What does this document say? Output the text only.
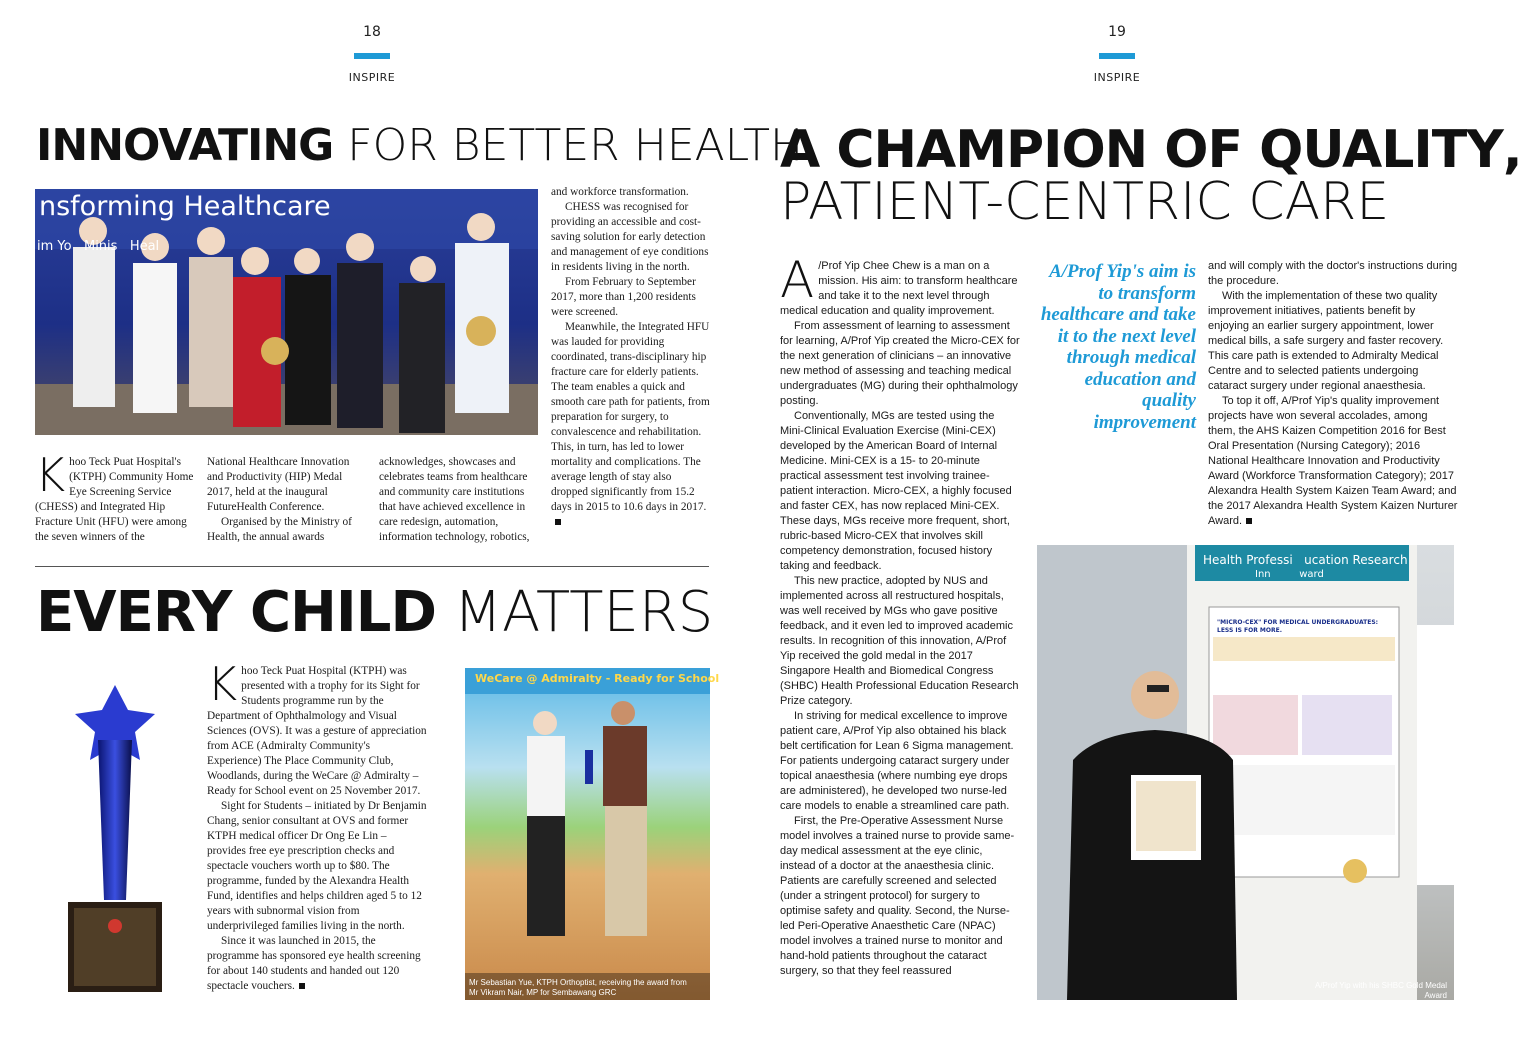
18
INSPIRE
INNOVATING FOR BETTER HEALTH
nsforming Healthcare
im Yo   Minis   Heal

Khoo Teck Puat Hospital's (KTPH) Community Home Eye Screening Service (CHESS) and Integrated Hip Fracture Unit (HFU) were among the seven winners of the

National Healthcare Innovation and Productivity (HIP) Medal 2017, held at the inaugural FutureHealth Conference.

Organised by the Ministry of Health, the annual awards

acknowledges, showcases and celebrates teams from healthcare and community care institutions that have achieved excellence in care redesign, automation, information technology, robotics,

and workforce transformation.

CHESS was recognised for providing an accessible and cost-saving solution for early detection and management of eye conditions in residents living in the north.

From February to September 2017, more than 1,200 residents were screened.

Meanwhile, the Integrated HFU was lauded for providing coordinated, trans-disciplinary hip fracture care for elderly patients. The team enables a quick and smooth care path for patients, from preparation for surgery, to convalescence and rehabilitation. This, in turn, has led to lower mortality and complications. The average length of stay also dropped significantly from 15.2 days in 2015 to 10.6 days in 2017.

EVERY CHILD MATTERS

Khoo Teck Puat Hospital (KTPH) was presented with a trophy for its Sight for Students programme run by the Department of Ophthalmology and Visual Sciences (OVS). It was a gesture of appreciation from ACE (Admiralty Community's Experience) The Place Community Club, Woodlands, during the WeCare @ Admiralty – Ready for School event on 25 November 2017.

Sight for Students – initiated by Dr Benjamin Chang, senior consultant at OVS and former KTPH medical officer Dr Ong Ee Lin – provides free eye prescription checks and spectacle vouchers worth up to $80. The programme, funded by the Alexandra Health Fund, identifies and helps children aged 5 to 12 years with subnormal vision from underprivileged families living in the north.

Since it was launched in 2015, the programme has sponsored eye health screening for about 140 students and handed out 120 spectacle vouchers.

WeCare @ Admiralty - Ready for School
Mr Sebastian Yue, KTPH Orthoptist, receiving the award from Mr Vikram Nair, MP for Sembawang GRC
19
INSPIRE
A CHAMPION OF QUALITY,
PATIENT-CENTRIC CARE

A /Prof Yip Chee Chew is a man on a mission. His aim: to transform healthcare and take it to the next level through medical education and quality improvement.

From assessment of learning to assessment for learning, A/Prof Yip created the Micro-CEX for the next generation of clinicians – an innovative new method of assessing and teaching medical undergraduates (MG) during their ophthalmology posting.

Conventionally, MGs are tested using the Mini-Clinical Evaluation Exercise (Mini-CEX) developed by the American Board of Internal Medicine. Mini-CEX is a 15- to 20-minute practical assessment test involving trainee-patient interaction. Micro-CEX, a highly focused and faster CEX, has now replaced Mini-CEX. These days, MGs receive more frequent, short, rubric-based Micro-CEX that involves skill competency demonstration, focused history taking and feedback.

This new practice, adopted by NUS and implemented across all restructured hospitals, was well received by MGs who gave positive feedback, and it even led to improved academic results. In recognition of this innovation, A/Prof Yip received the gold medal in the 2017 Singapore Health and Biomedical Congress (SHBC) Health Professional Education Research Prize category.

In striving for medical excellence to improve patient care, A/Prof Yip also obtained his black belt certification for Lean 6 Sigma management. For patients undergoing cataract surgery under topical anaesthesia (where numbing eye drops are administered), he developed two nurse-led care models to enable a streamlined care path.

First, the Pre-Operative Assessment Nurse model involves a trained nurse to provide same-day medical assessment at the eye clinic, instead of a doctor at the anaesthesia clinic. Patients are carefully screened and selected (under a stringent protocol) for surgery to optimise safety and quality. Second, the Nurse-led Peri-Operative Anaesthetic Care (NPAC) model involves a trained nurse to monitor and hand-hold patients throughout the cataract surgery, so that they feel reassured

A/Prof Yip's aim is to transform healthcare and take it to the next level through medical education and quality improvement

and will comply with the doctor's instructions during the procedure.

With the implementation of these two quality improvement initiatives, patients benefit by enjoying an earlier surgery appointment, lower medical bills, a safe surgery and faster recovery. This care path is extended to Admiralty Medical Centre and to selected patients undergoing cataract surgery under regional anaesthesia.

To top it off, A/Prof Yip's quality improvement projects have won several accolades, among them, the AHS Kaizen Competition 2016 for Best Oral Presentation (Nursing Category); 2016 National Healthcare Innovation and Productivity Award (Workforce Transformation Category); 2017 Alexandra Health System Kaizen Team Award; and the 2017 Alexandra Health System Kaizen Nurturer Award.

Health Professi   ucation Research
Inn         ward
"MICRO-CEX" FOR MEDICAL UNDERGRADUATES: LESS IS FOR MORE.
A/Prof Yip with his SHBC Gold Medal Award
